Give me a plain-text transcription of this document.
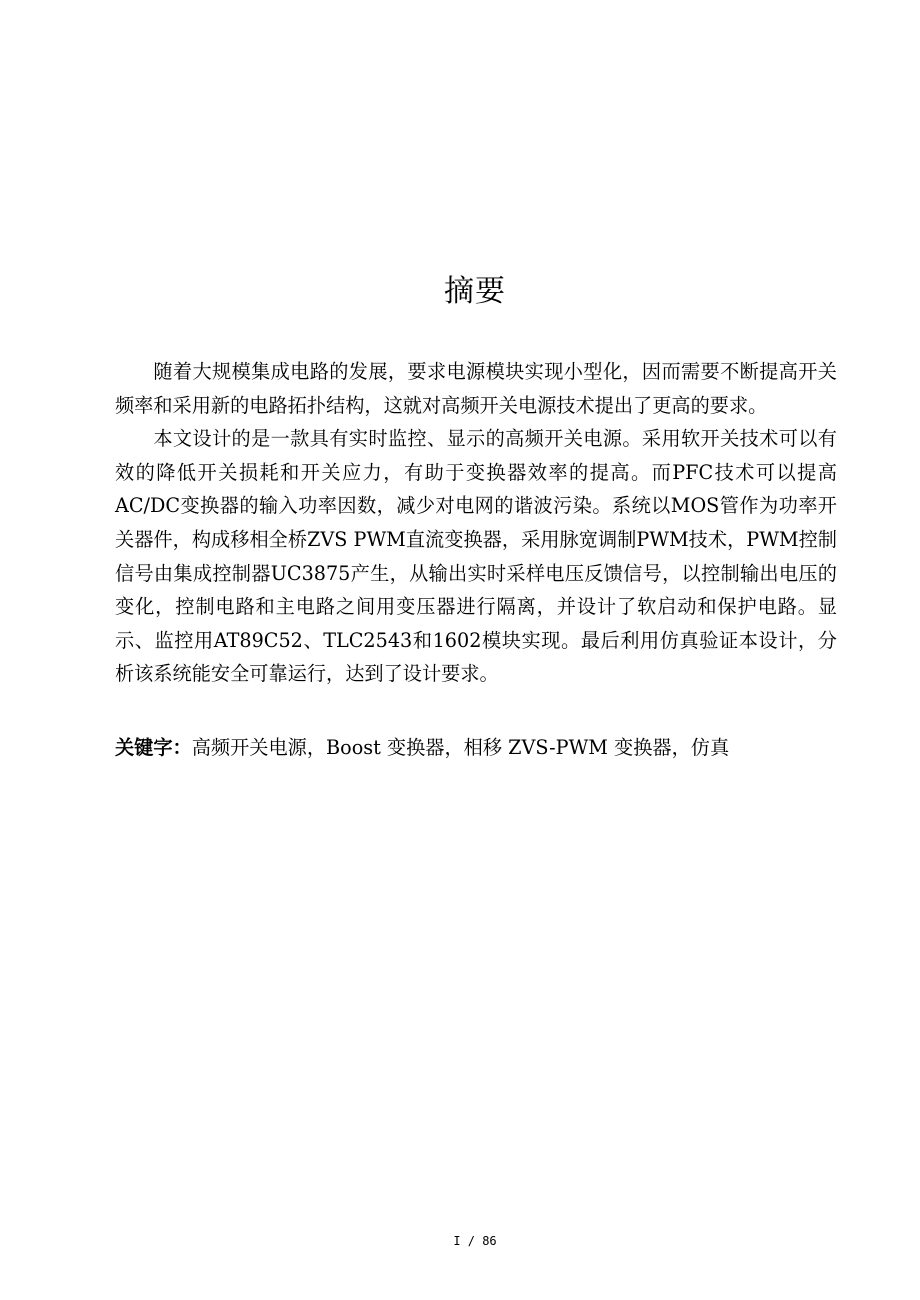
摘要

随着大规模集成电路的发展，要求电源模块实现小型化，因而需要不断提高开关频率和采用新的电路拓扑结构，这就对高频开关电源技术提出了更高的要求。

本文设计的是一款具有实时监控、显示的高频开关电源。采用软开关技术可以有效的降低开关损耗和开关应力，有助于变换器效率的提高。而PFC技术可以提高AC/DC变换器的输入功率因数，减少对电网的谐波污染。系统以MOS管作为功率开关器件，构成移相全桥ZVS PWM直流变换器，采用脉宽调制PWM技术，PWM控制信号由集成控制器UC3875产生，从输出实时采样电压反馈信号，以控制输出电压的变化，控制电路和主电路之间用变压器进行隔离，并设计了软启动和保护电路。显示、监控用AT89C52、TLC2543和1602模块实现。最后利用仿真验证本设计，分析该系统能安全可靠运行，达到了设计要求。

关键字：高频开关电源，Boost 变换器，相移 ZVS-PWM 变换器，仿真
I / 86
